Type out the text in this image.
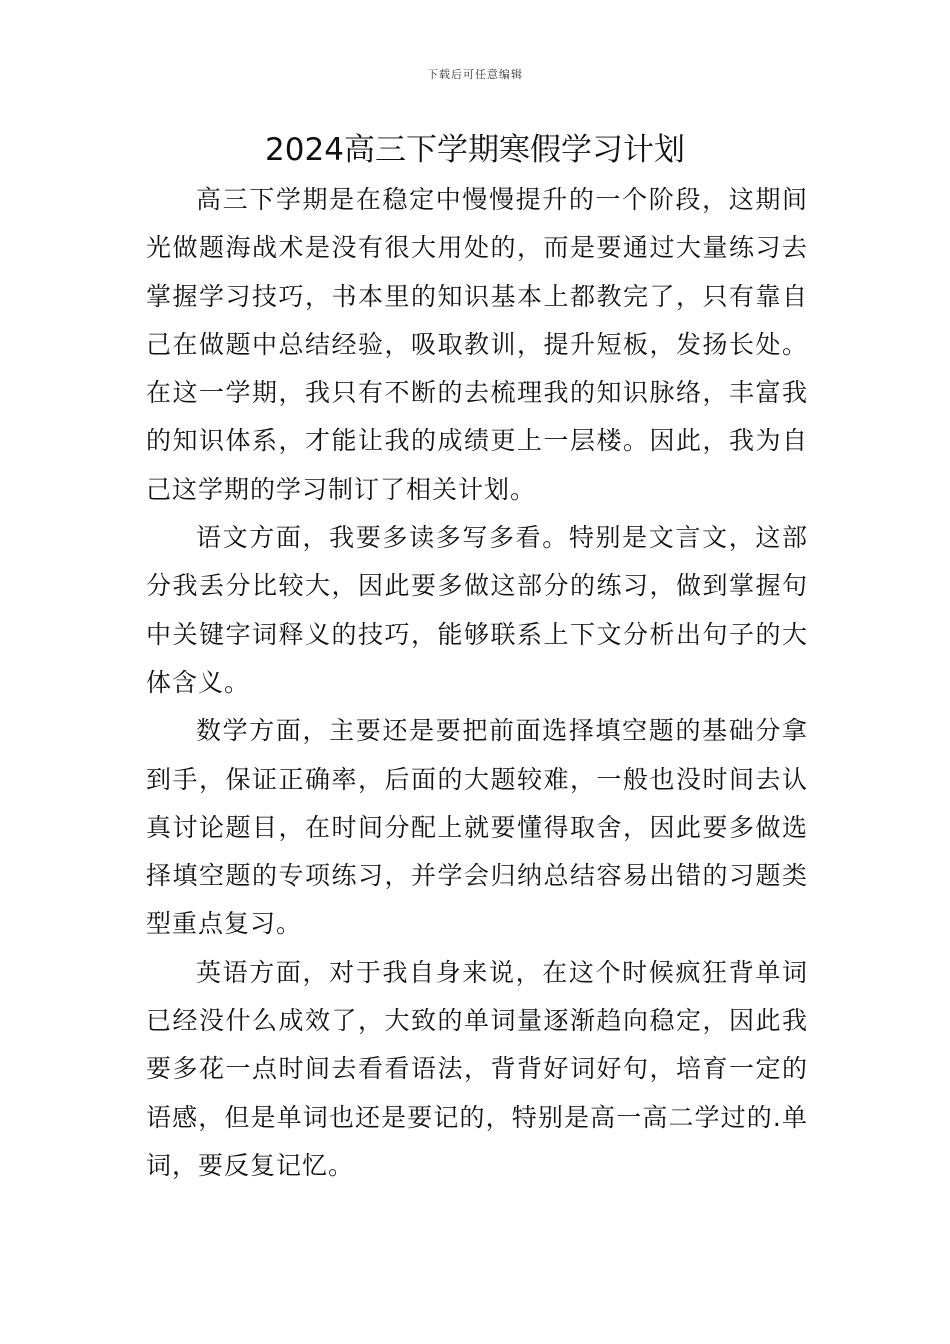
下载后可任意编辑
2024高三下学期寒假学习计划

高三下学期是在稳定中慢慢提升的一个阶段，这期间光做题海战术是没有很大用处的，而是要通过大量练习去掌握学习技巧，书本里的知识基本上都教完了，只有靠自己在做题中总结经验，吸取教训，提升短板，发扬长处。在这一学期，我只有不断的去梳理我的知识脉络，丰富我的知识体系，才能让我的成绩更上一层楼。因此，我为自己这学期的学习制订了相关计划。

语文方面，我要多读多写多看。特别是文言文，这部分我丢分比较大，因此要多做这部分的练习，做到掌握句中关键字词释义的技巧，能够联系上下文分析出句子的大体含义。

数学方面，主要还是要把前面选择填空题的基础分拿到手，保证正确率，后面的大题较难，一般也没时间去认真讨论题目，在时间分配上就要懂得取舍，因此要多做选择填空题的专项练习，并学会归纳总结容易出错的习题类型重点复习。

英语方面，对于我自身来说，在这个时候疯狂背单词已经没什么成效了，大致的单词量逐渐趋向稳定，因此我要多花一点时间去看看语法，背背好词好句，培育一定的语感，但是单词也还是要记的，特别是高一高二学过的.单词，要反复记忆。
